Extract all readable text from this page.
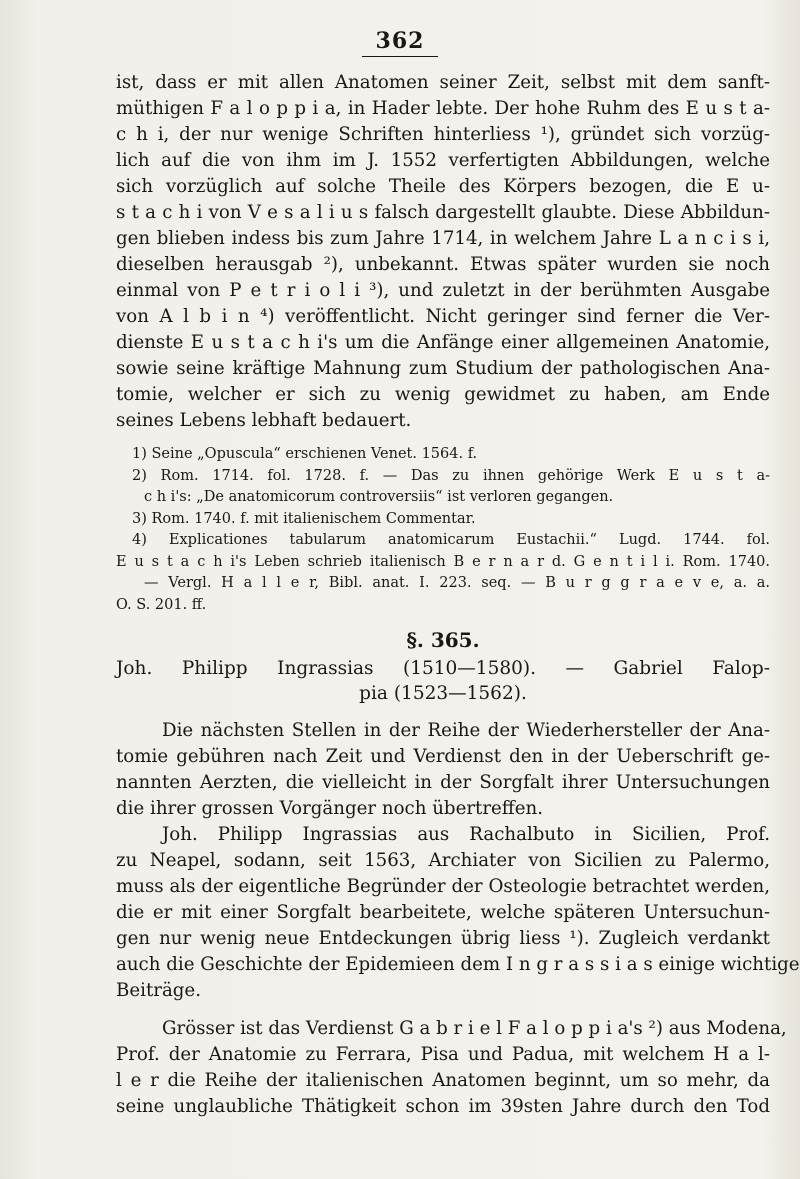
362
ist, dass er mit allen Anatomen seiner Zeit, selbst mit dem sanft-
müthigen F a l o p p i a, in Hader lebte. Der hohe Ruhm des E u s t a-
c h i, der nur wenige Schriften hinterliess ¹), gründet sich vorzüg-
lich auf die von ihm im J. 1552 verfertigten Abbildungen, welche
sich vorzüglich auf solche Theile des Körpers bezogen, die E u-
s t a c h i von V e s a l i u s falsch dargestellt glaubte. Diese Abbildun-
gen blieben indess bis zum Jahre 1714, in welchem Jahre L a n c i s i,
dieselben herausgab ²), unbekannt. Etwas später wurden sie noch
einmal von P e t r i o l i ³), und zuletzt in der berühmten Ausgabe
von A l b i n ⁴) veröffentlicht. Nicht geringer sind ferner die Ver-
dienste E u s t a c h i's um die Anfänge einer allgemeinen Anatomie,
sowie seine kräftige Mahnung zum Studium der pathologischen Ana-
tomie, welcher er sich zu wenig gewidmet zu haben, am Ende
seines Lebens lebhaft bedauert.
1) Seine „Opuscula“ erschienen Venet. 1564. f.
2) Rom. 1714. fol. 1728. f. — Das zu ihnen gehörige Werk E u s t a-
c h i's: „De anatomicorum controversiis“ ist verloren gegangen.
3) Rom. 1740. f. mit italienischem Commentar.
4) Explicationes tabularum anatomicarum Eustachii.“ Lugd. 1744. fol.
E u s t a c h i's Leben schrieb italienisch B e r n a r d. G e n t i l i. Rom. 1740.
— Vergl. H a l l e r, Bibl. anat. I. 223. seq. — B u r g g r a e v e, a. a.
O. S. 201. ff.
§. 365.
Joh. Philipp Ingrassias (1510—1580). — Gabriel Falop-
pia (1523—1562).
Die nächsten Stellen in der Reihe der Wiederhersteller der Ana-
tomie gebühren nach Zeit und Verdienst den in der Ueberschrift ge-
nannten Aerzten, die vielleicht in der Sorgfalt ihrer Untersuchungen
die ihrer grossen Vorgänger noch übertreffen.
Joh. Philipp Ingrassias aus Rachalbuto in Sicilien, Prof.
zu Neapel, sodann, seit 1563, Archiater von Sicilien zu Palermo,
muss als der eigentliche Begründer der Osteologie betrachtet werden,
die er mit einer Sorgfalt bearbeitete, welche späteren Untersuchun-
gen nur wenig neue Entdeckungen übrig liess ¹). Zugleich verdankt
auch die Geschichte der Epidemieen dem I n g r a s s i a s einige wichtige
Beiträge.
Grösser ist das Verdienst G a b r i e l F a l o p p i a's ²) aus Modena,
Prof. der Anatomie zu Ferrara, Pisa und Padua, mit welchem H a l-
l e r die Reihe der italienischen Anatomen beginnt, um so mehr, da
seine unglaubliche Thätigkeit schon im 39sten Jahre durch den Tod
